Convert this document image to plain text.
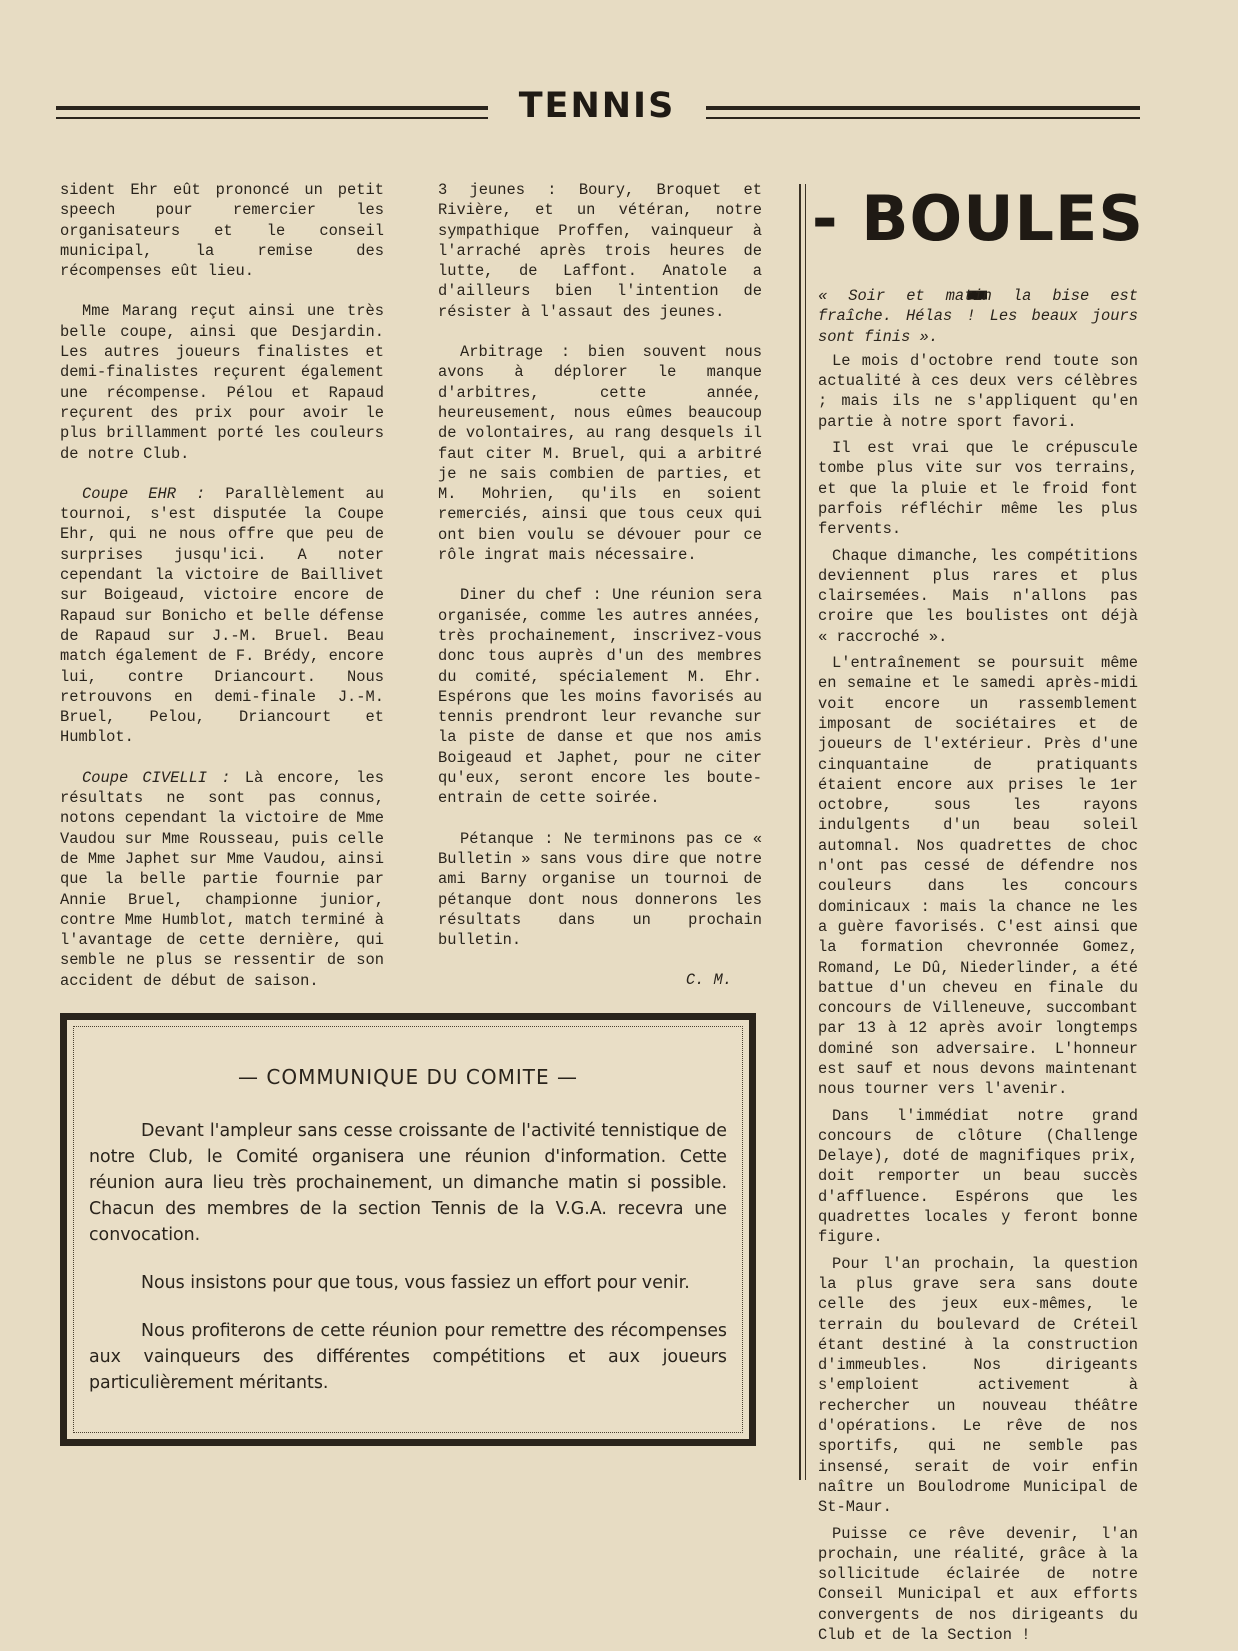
TENNIS

sident Ehr eût prononcé un petit speech pour remercier les organisateurs et le conseil municipal, la remise des récompenses eût lieu.

Mme Marang reçut ainsi une très belle coupe, ainsi que Desjardin. Les autres joueurs finalistes et demi-finalistes reçurent également une récompense. Pélou et Rapaud reçurent des prix pour avoir le plus brillamment porté les couleurs de notre Club.

Coupe EHR : Parallèlement au tournoi, s'est disputée la Coupe Ehr, qui ne nous offre que peu de surprises jusqu'ici. A noter cependant la victoire de Baillivet sur Boigeaud, victoire encore de Rapaud sur Bonicho et belle défense de Rapaud sur J.-M. Bruel. Beau match également de F. Brédy, encore lui, contre Driancourt. Nous retrouvons en demi-finale J.-M. Bruel, Pelou, Driancourt et Humblot.

Coupe CIVELLI : Là encore, les résultats ne sont pas connus, notons cependant la victoire de Mme Vaudou sur Mme Rousseau, puis celle de Mme Japhet sur Mme Vaudou, ainsi que la belle partie fournie par Annie Bruel, championne junior, contre Mme Humblot, match terminé à l'avantage de cette dernière, qui semble ne plus se ressentir de son accident de début de saison.

3 jeunes : Boury, Broquet et Rivière, et un vétéran, notre sympathique Proffen, vainqueur à l'arraché après trois heures de lutte, de Laffont. Anatole a d'ailleurs bien l'intention de résister à l'assaut des jeunes.

Arbitrage : bien souvent nous avons à déplorer le manque d'arbitres, cette année, heureusement, nous eûmes beaucoup de volontaires, au rang desquels il faut citer M. Bruel, qui a arbitré je ne sais combien de parties, et M. Mohrien, qu'ils en soient remerciés, ainsi que tous ceux qui ont bien voulu se dévouer pour ce rôle ingrat mais nécessaire.

Diner du chef : Une réunion sera organisée, comme les autres années, très prochainement, inscrivez-vous donc tous auprès d'un des membres du comité, spécialement M. Ehr. Espérons que les moins favorisés au tennis prendront leur revanche sur la piste de danse et que nos amis Boigeaud et Japhet, pour ne citer qu'eux, seront encore les boute-entrain de cette soirée.

Pétanque : Ne terminons pas ce « Bulletin » sans vous dire que notre ami Barny organise un tournoi de pétanque dont nous donnerons les résultats dans un prochain bulletin.

C. M.

- BOULES -

« Soir et matin la bise est fraîche. Hélas ! Les beaux jours sont finis ».

Le mois d'octobre rend toute son actualité à ces deux vers célèbres ; mais ils ne s'appliquent qu'en partie à notre sport favori.

Il est vrai que le crépuscule tombe plus vite sur vos terrains, et que la pluie et le froid font parfois réfléchir même les plus fervents.

Chaque dimanche, les compétitions deviennent plus rares et plus clairsemées. Mais n'allons pas croire que les boulistes ont déjà « raccroché ».

L'entraînement se poursuit même en semaine et le samedi après-midi voit encore un rassemblement imposant de sociétaires et de joueurs de l'extérieur. Près d'une cinquantaine de pratiquants étaient encore aux prises le 1er octobre, sous les rayons indulgents d'un beau soleil automnal. Nos quadrettes de choc n'ont pas cessé de défendre nos couleurs dans les concours dominicaux : mais la chance ne les a guère favorisés. C'est ainsi que la formation chevronnée Gomez, Romand, Le Dû, Niederlinder, a été battue d'un cheveu en finale du concours de Villeneuve, succombant par 13 à 12 après avoir longtemps dominé son adversaire. L'honneur est sauf et nous devons maintenant nous tourner vers l'avenir.

Dans l'immédiat notre grand concours de clôture (Challenge Delaye), doté de magnifiques prix, doit remporter un beau succès d'affluence. Espérons que les quadrettes locales y feront bonne figure.

Pour l'an prochain, la question la plus grave sera sans doute celle des jeux eux-mêmes, le terrain du boulevard de Créteil étant destiné à la construction d'immeubles. Nos dirigeants s'emploient activement à rechercher un nouveau théâtre d'opérations. Le rêve de nos sportifs, qui ne semble pas insensé, serait de voir enfin naître un Boulodrome Municipal de St-Maur.

Puisse ce rêve devenir, l'an prochain, une réalité, grâce à la sollicitude éclairée de notre Conseil Municipal et aux efforts convergents de nos dirigeants du Club et de la Section !

— COMMUNIQUE DU COMITE —

Devant l'ampleur sans cesse croissante de l'activité tennistique de notre Club, le Comité organisera une réunion d'information. Cette réunion aura lieu très prochainement, un dimanche matin si possible. Chacun des membres de la section Tennis de la V.G.A. recevra une convocation.

Nous insistons pour que tous, vous fassiez un effort pour venir.

Nous profiterons de cette réunion pour remettre des récompenses aux vainqueurs des différentes compétitions et aux joueurs particulièrement méritants.
